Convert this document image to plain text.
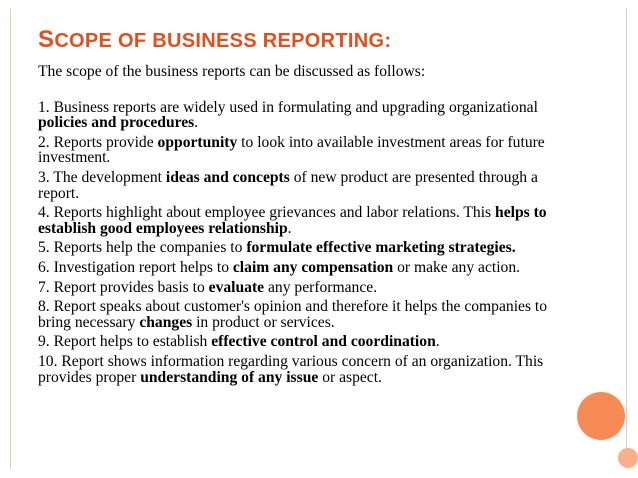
SCOPE OF BUSINESS REPORTING:

The scope of the business reports can be discussed as follows:

1. Business reports are widely used in formulating and upgrading organizational policies and procedures.

2. Reports provide opportunity to look into available investment areas for future investment.

3. The development ideas and concepts of new product are presented through a report.

4. Reports highlight about employee grievances and labor relations. This helps to establish good employees relationship.

5. Reports help the companies to formulate effective marketing strategies.

6. Investigation report helps to claim any compensation or make any action.

7. Report provides basis to evaluate any performance.

8. Report speaks about customer's opinion and therefore it helps the companies to bring necessary changes in product or services.

9. Report helps to establish effective control and coordination.

10. Report shows information regarding various concern of an organization. This provides proper understanding of any issue or aspect.
